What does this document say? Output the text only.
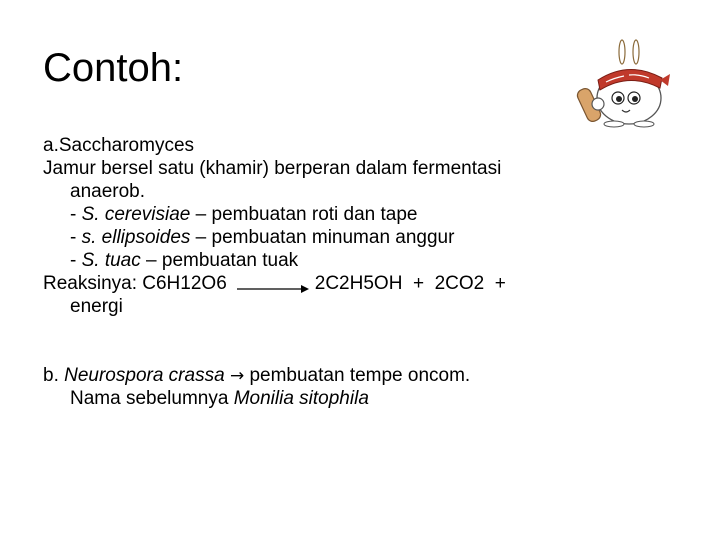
Contoh:
a.Saccharomyces
Jamur bersel satu (khamir) berperan dalam fermentasi
anaerob.
- S. cerevisiae – pembuatan roti dan tape
- s. ellipsoides – pembuatan minuman anggur
- S. tuac – pembuatan tuak
Reaksinya: C6H12O6	2C2H5OH  +  2CO2  +
energi
b. Neurospora crassa → pembuatan tempe oncom.
Nama sebelumnya Monilia sitophila
